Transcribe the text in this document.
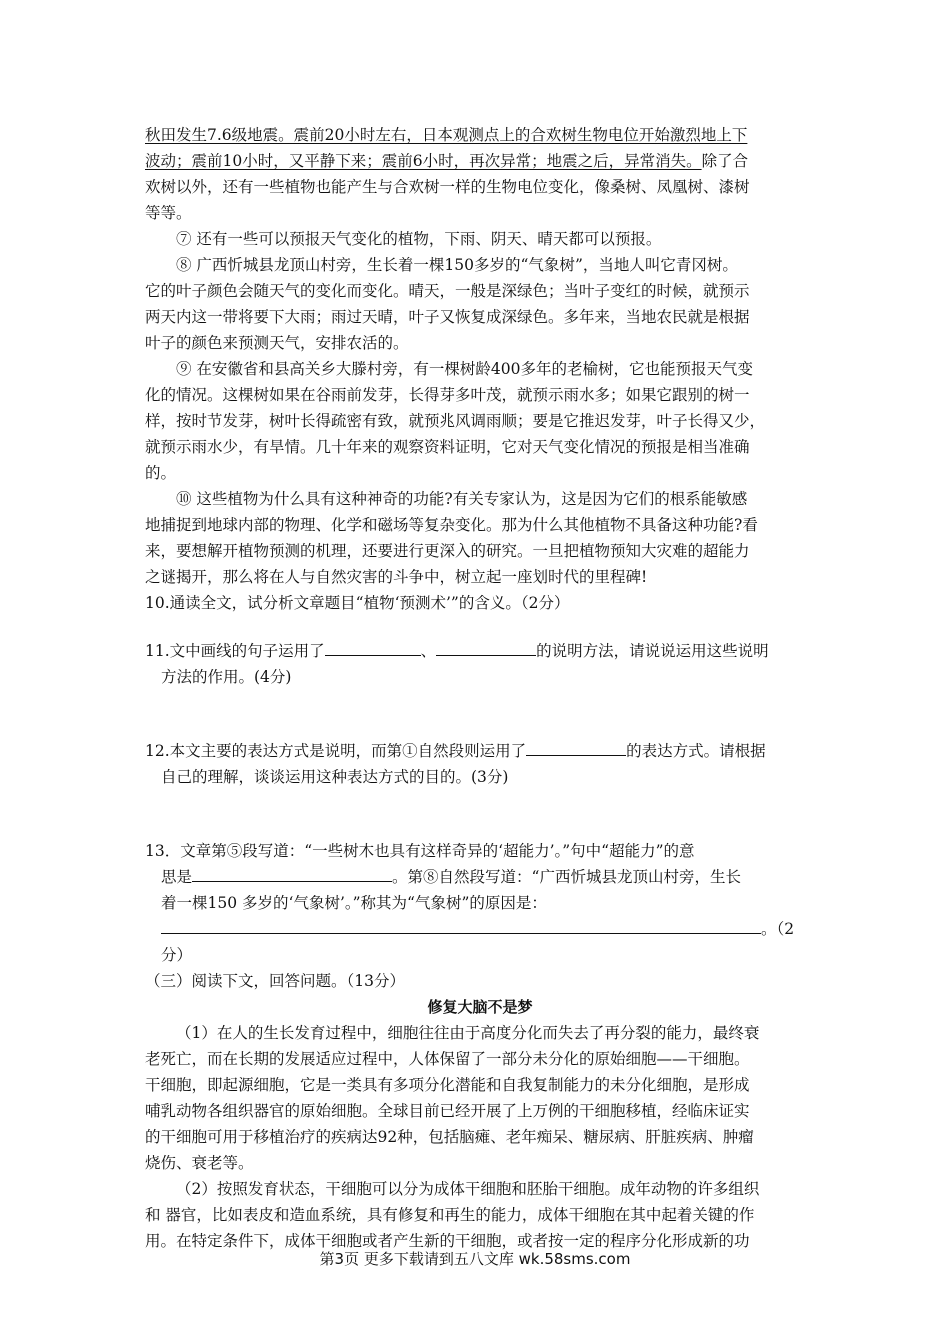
秋田发生7.6级地震。震前20小时左右，日本观测点上的合欢树生物电位开始激烈地上下
波动；震前10小时，又平静下来；震前6小时，再次异常；地震之后，异常消失。除了合
欢树以外，还有一些植物也能产生与合欢树一样的生物电位变化，像桑树、凤凰树、漆树
等等。
⑦ 还有一些可以预报天气变化的植物，下雨、阴天、晴天都可以预报。
⑧ 广西忻城县龙顶山村旁，生长着一棵150多岁的“气象树”，当地人叫它青冈树。
它的叶子颜色会随天气的变化而变化。晴天，一般是深绿色；当叶子变红的时候，就预示
两天内这一带将要下大雨；雨过天晴，叶子又恢复成深绿色。多年来，当地农民就是根据
叶子的颜色来预测天气，安排农活的。
⑨ 在安徽省和县高关乡大滕村旁，有一棵树龄400多年的老榆树，它也能预报天气变
化的情况。这棵树如果在谷雨前发芽，长得芽多叶茂，就预示雨水多；如果它跟别的树一
样，按时节发芽，树叶长得疏密有致，就预兆风调雨顺；要是它推迟发芽，叶子长得又少，
就预示雨水少，有旱情。几十年来的观察资料证明，它对天气变化情况的预报是相当准确
的。
⑩ 这些植物为什么具有这种神奇的功能?有关专家认为，这是因为它们的根系能敏感
地捕捉到地球内部的物理、化学和磁场等复杂变化。那为什么其他植物不具备这种功能?看
来，要想解开植物预测的机理，还要进行更深入的研究。一旦把植物预知大灾难的超能力
之谜揭开，那么将在人与自然灾害的斗争中，树立起一座划时代的里程碑!
10.通读全文，试分析文章题目“植物‘预测术’”的含义。（2分）
11.文中画线的句子运用了	、	的说明方法，请说说运用这些说明
方法的作用。(4分)
12.本文主要的表达方式是说明，而第①自然段则运用了	的表达方式。请根据
自己的理解，谈谈运用这种表达方式的目的。(3分)
13．文章第⑤段写道：“一些树木也具有这样奇异的‘超能力’。”句中“超能力”的意
思是	。第⑧自然段写道：“广西忻城县龙顶山村旁，生长
着一棵150 多岁的‘气象树’。”称其为“气象树”的原因是：
。（2
分）
（三）阅读下文，回答问题。（13分）
修复大脑不是梦
（1）在人的生长发育过程中，细胞往往由于高度分化而失去了再分裂的能力，最终衰
老死亡，而在长期的发展适应过程中，人体保留了一部分未分化的原始细胞——干细胞。
干细胞，即起源细胞，它是一类具有多项分化潜能和自我复制能力的未分化细胞，是形成
哺乳动物各组织器官的原始细胞。全球目前已经开展了上万例的干细胞移植，经临床证实
的干细胞可用于移植治疗的疾病达92种，包括脑瘫、老年痴呆、糖尿病、肝脏疾病、肿瘤
烧伤、衰老等。
（2）按照发育状态，干细胞可以分为成体干细胞和胚胎干细胞。成年动物的许多组织
和 器官，比如表皮和造血系统，具有修复和再生的能力，成体干细胞在其中起着关键的作
用。在特定条件下，成体干细胞或者产生新的干细胞，或者按一定的程序分化形成新的功
第3页 更多下载请到五八文库 wk.58sms.com
